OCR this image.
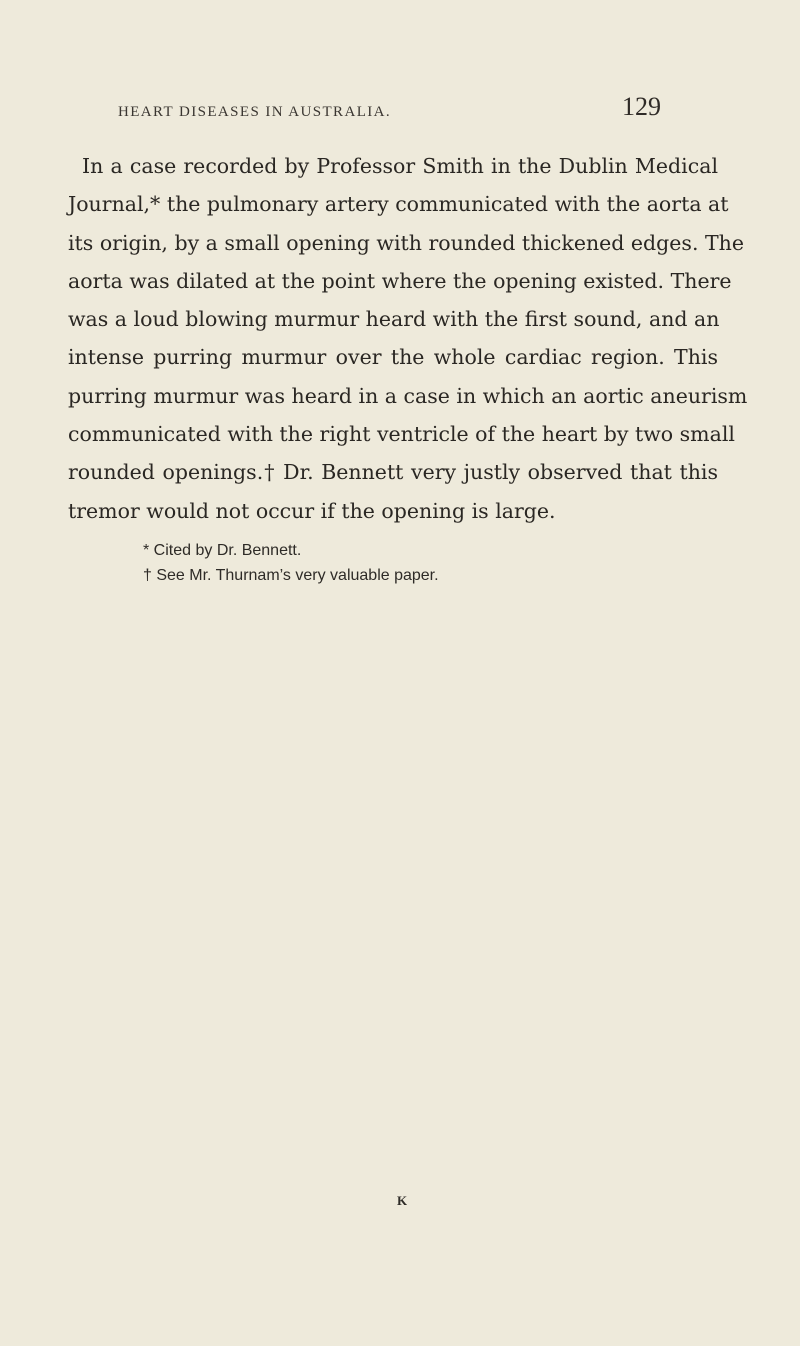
HEART DISEASES IN AUSTRALIA.	129
In a case recorded by Professor Smith in the Dublin Medical
Journal,* the pulmonary artery communicated with the aorta at
its origin, by a small opening with rounded thickened edges. The
aorta was dilated at the point where the opening existed. There
was a loud blowing murmur heard with the first sound, and an
intense purring murmur over the whole cardiac region. This
purring murmur was heard in a case in which an aortic aneurism
communicated with the right ventricle of the heart by two small
rounded openings.† Dr. Bennett very justly observed that this
tremor would not occur if the opening is large.
* Cited by Dr. Bennett.
† See Mr. Thurnam’s very valuable paper.
K
